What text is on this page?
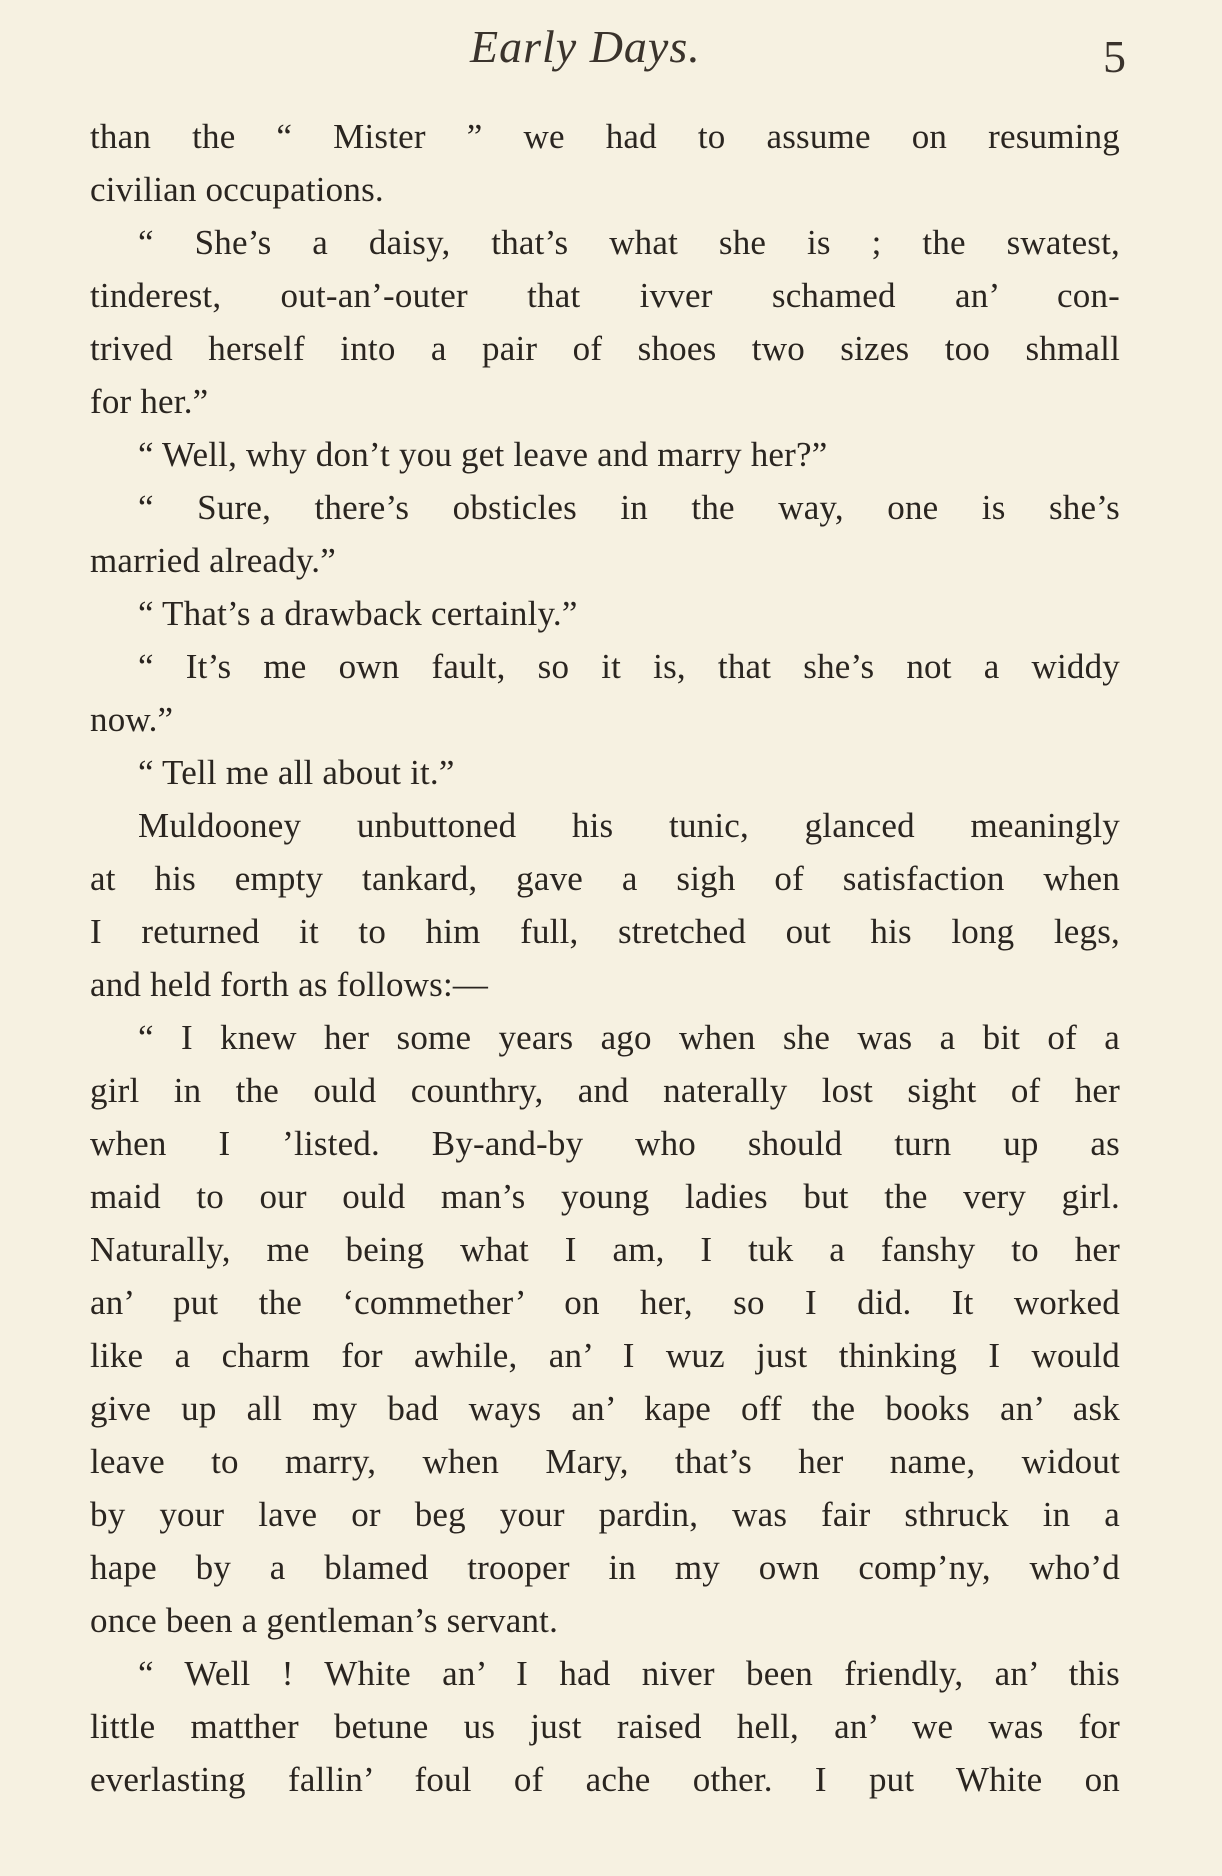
Early Days.	5
than the “ Mister ” we had to assume on resuming
civilian occupations.
“ She’s a daisy, that’s what she is ; the swatest,
tinderest, out-an’-outer that ivver schamed an’ con-
trived herself into a pair of shoes two sizes too shmall
for her.”
“ Well, why don’t you get leave and marry her?”
“ Sure, there’s obsticles in the way, one is she’s
married already.”
“ That’s a drawback certainly.”
“ It’s me own fault, so it is, that she’s not a widdy
now.”
“ Tell me all about it.”
Muldooney unbuttoned his tunic, glanced meaningly
at his empty tankard, gave a sigh of satisfaction when
I returned it to him full, stretched out his long legs,
and held forth as follows:—
“ I knew her some years ago when she was a bit of a
girl in the ould counthry, and naterally lost sight of her
when I ’listed. By-and-by who should turn up as
maid to our ould man’s young ladies but the very girl.
Naturally, me being what I am, I tuk a fanshy to her
an’ put the ‘commether’ on her, so I did. It worked
like a charm for awhile, an’ I wuz just thinking I would
give up all my bad ways an’ kape off the books an’ ask
leave to marry, when Mary, that’s her name, widout
by your lave or beg your pardin, was fair sthruck in a
hape by a blamed trooper in my own comp’ny, who’d
once been a gentleman’s servant.
“ Well ! White an’ I had niver been friendly, an’ this
little matther betune us just raised hell, an’ we was for
everlasting fallin’ foul of ache other. I put White on
